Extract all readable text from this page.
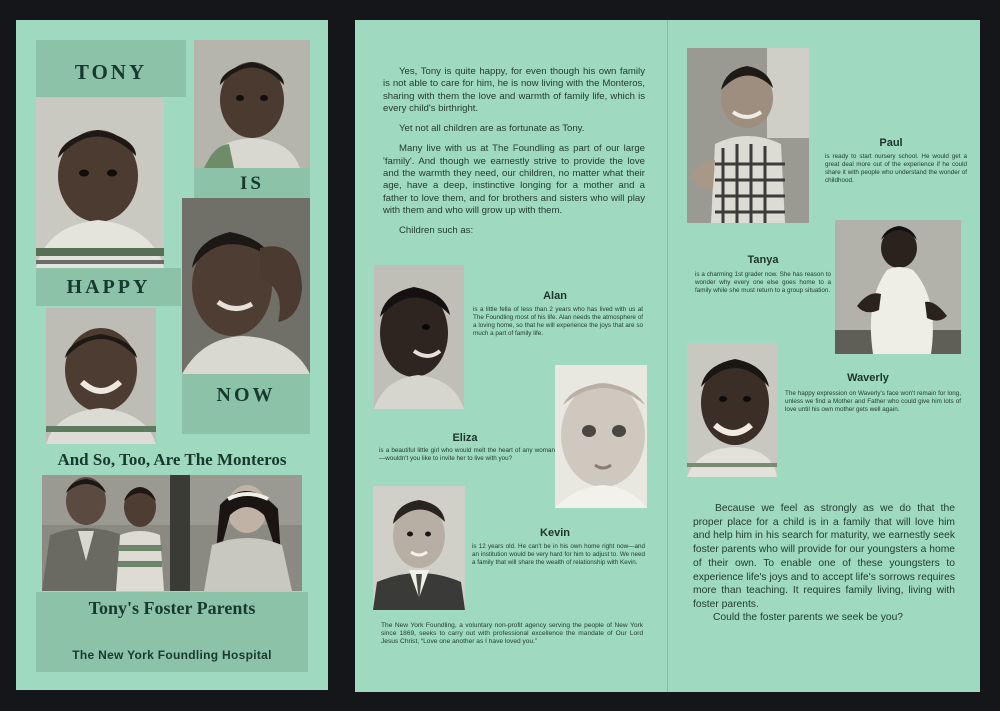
TONY
IS
HAPPY
NOW
And So, Too, Are The Monteros
Tony's Foster Parents
The New York Foundling Hospital

Yes, Tony is quite happy, for even though his own family is not able to care for him, he is now living with the Monteros, sharing with them the love and warmth of family life, which is every child's birthright.

Yet not all children are as fortunate as Tony.

Many live with us at The Foundling as part of our large 'family'. And though we earnestly strive to provide the love and the warmth they need, our children, no matter what their age, have a deep, instinctive longing for a mother and a father to love them, and for brothers and sisters who will play with them and who will grow up with them.

Children such as:

Alan
is a little fella of less than 2 years who has lived with us at The Foundling most of his life. Alan needs the atmosphere of a loving home, so that he will experience the joys that are so much a part of family life.
Eliza
is a beautiful little girl who would melt the heart of any woman—wouldn't you like to invite her to live with you?
Kevin
is 12 years old. He can't be in his own home right now—and an institution would be very hard for him to adjust to. We need a family that will share the wealth of relationship with Kevin.
The New York Foundling, a voluntary non-profit agency serving the people of New York since 1869, seeks to carry out with professional excellence the mandate of Our Lord Jesus Christ, “Love one another as I have loved you.”
Paul
is ready to start nursery school. He would get a great deal more out of the experience if he could share it with people who understand the wonder of childhood.
Tanya
is a charming 1st grader now. She has reason to wonder why every one else goes home to a family while she must return to a group situation.
Waverly
The happy expression on Waverly's face won't remain for long, unless we find a Mother and Father who could give him lots of love until his own mother gets well again.
Because we feel as strongly as we do that the proper place for a child is in a family that will love him and help him in his search for maturity, we earnestly seek foster parents who will provide for our youngsters a home of their own. To enable one of these youngsters to experience life's joys and to accept life's sorrows requires more than teaching. It requires family living, living with foster parents.
Could the foster parents we seek be you?
